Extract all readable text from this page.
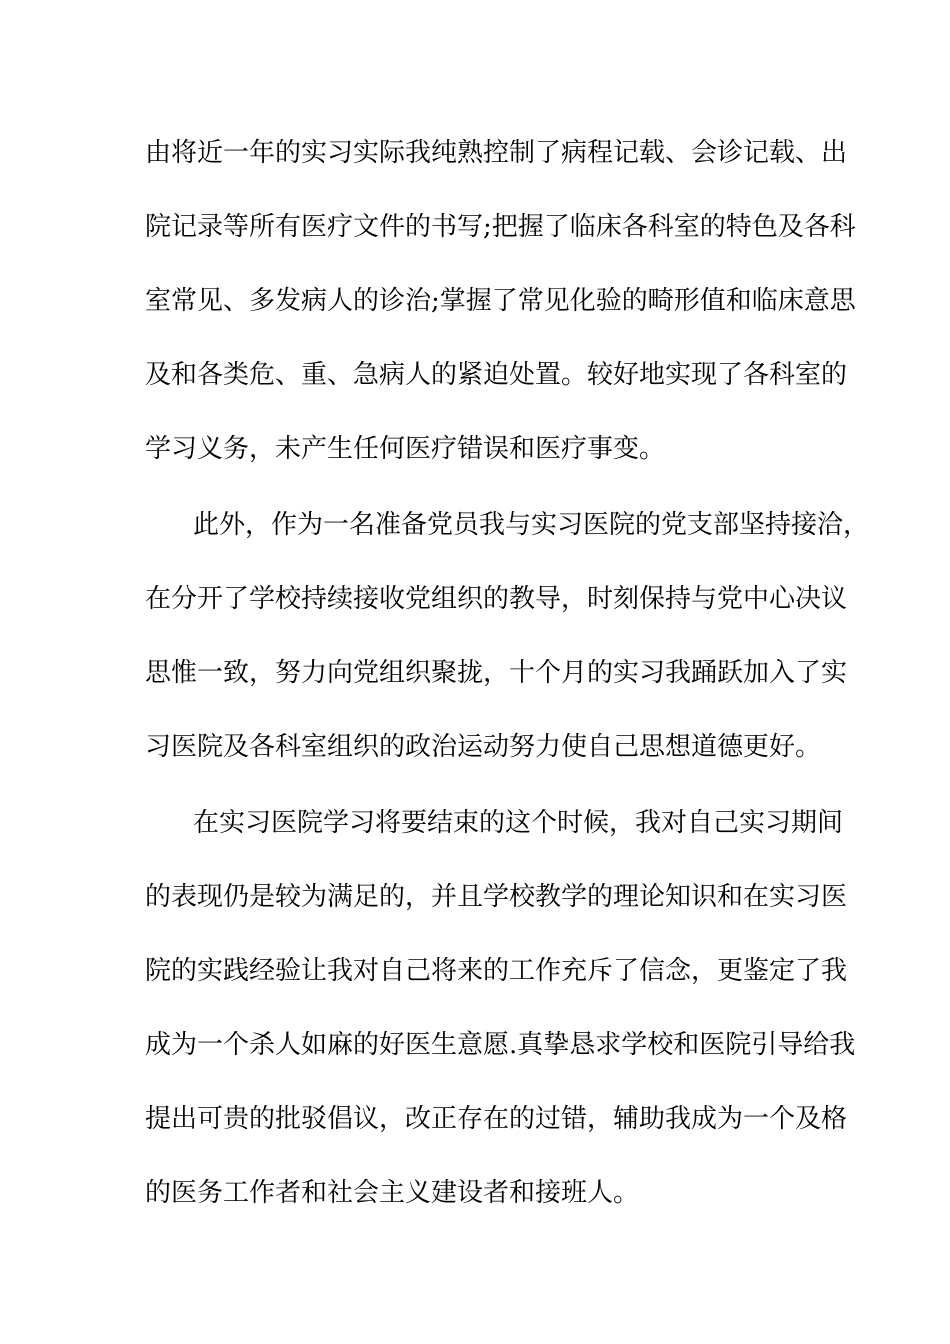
由将近一年的实习实际我纯熟控制了病程记载、会诊记载、出
院记录等所有医疗文件的书写;把握了临床各科室的特色及各科
室常见、多发病人的诊治;掌握了常见化验的畸形值和临床意思
及和各类危、重、急病人的紧迫处置。较好地实现了各科室的
学习义务，未产生任何医疗错误和医疗事变。
此外，作为一名准备党员我与实习医院的党支部坚持接洽，
在分开了学校持续接收党组织的教导，时刻保持与党中心决议
思惟一致，努力向党组织聚拢，十个月的实习我踊跃加入了实
习医院及各科室组织的政治运动努力使自己思想道德更好。
在实习医院学习将要结束的这个时候，我对自己实习期间
的表现仍是较为满足的，并且学校教学的理论知识和在实习医
院的实践经验让我对自己将来的工作充斥了信念，更鉴定了我
成为一个杀人如麻的好医生意愿.真挚恳求学校和医院引导给我
提出可贵的批驳倡议，改正存在的过错，辅助我成为一个及格
的医务工作者和社会主义建设者和接班人。
